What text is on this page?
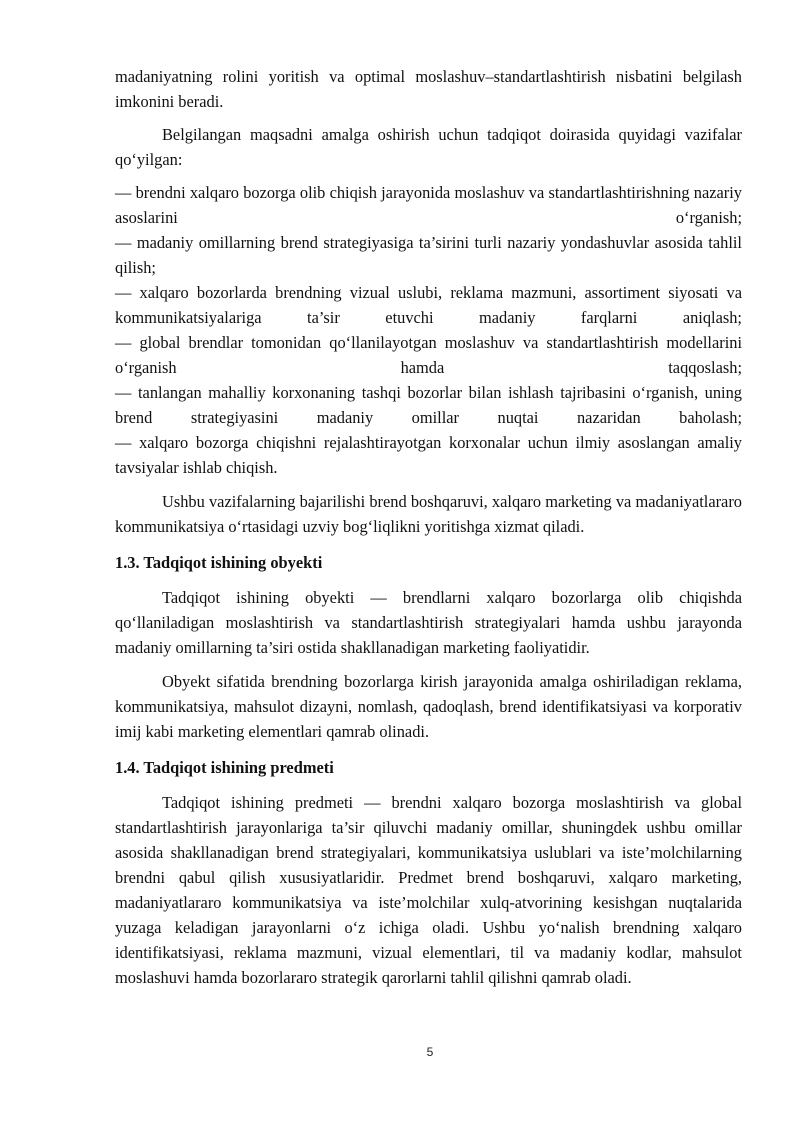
madaniyatning rolini yoritish va optimal moslashuv–standartlashtirish nisbatini belgilash imkonini beradi.

Belgilangan maqsadni amalga oshirish uchun tadqiqot doirasida quyidagi vazifalar qo‘yilgan:

— brendni xalqaro bozorga olib chiqish jarayonida moslashuv va standartlashtirishning nazariy asoslarini o‘rganish;

— madaniy omillarning brend strategiyasiga ta’sirini turli nazariy yondashuvlar asosida tahlil qilish;

— xalqaro bozorlarda brendning vizual uslubi, reklama mazmuni, assortiment siyosati va kommunikatsiyalariga ta’sir etuvchi madaniy farqlarni aniqlash;

— global brendlar tomonidan qo‘llanilayotgan moslashuv va standartlashtirish modellarini o‘rganish hamda taqqoslash;

— tanlangan mahalliy korxonaning tashqi bozorlar bilan ishlash tajribasini o‘rganish, uning brend strategiyasini madaniy omillar nuqtai nazaridan baholash;

— xalqaro bozorga chiqishni rejalashtirayotgan korxonalar uchun ilmiy asoslangan amaliy tavsiyalar ishlab chiqish.

Ushbu vazifalarning bajarilishi brend boshqaruvi, xalqaro marketing va madaniyatlararo kommunikatsiya o‘rtasidagi uzviy bog‘liqlikni yoritishga xizmat qiladi.

1.3. Tadqiqot ishining obyekti

Tadqiqot ishining obyekti — brendlarni xalqaro bozorlarga olib chiqishda qo‘llaniladigan moslashtirish va standartlashtirish strategiyalari hamda ushbu jarayonda madaniy omillarning ta’siri ostida shakllanadigan marketing faoliyatidir.

Obyekt sifatida brendning bozorlarga kirish jarayonida amalga oshiriladigan reklama, kommunikatsiya, mahsulot dizayni, nomlash, qadoqlash, brend identifikatsiyasi va korporativ imij kabi marketing elementlari qamrab olinadi.

1.4. Tadqiqot ishining predmeti

Tadqiqot ishining predmeti — brendni xalqaro bozorga moslashtirish va global standartlashtirish jarayonlariga ta’sir qiluvchi madaniy omillar, shuningdek ushbu omillar asosida shakllanadigan brend strategiyalari, kommunikatsiya uslublari va iste’molchilarning brendni qabul qilish xususiyatlaridir. Predmet brend boshqaruvi, xalqaro marketing, madaniyatlararo kommunikatsiya va iste’molchilar xulq-atvorining kesishgan nuqtalarida yuzaga keladigan jarayonlarni o‘z ichiga oladi. Ushbu yo‘nalish brendning xalqaro identifikatsiyasi, reklama mazmuni, vizual elementlari, til va madaniy kodlar, mahsulot moslashuvi hamda bozorlararo strategik qarorlarni tahlil qilishni qamrab oladi.

5
